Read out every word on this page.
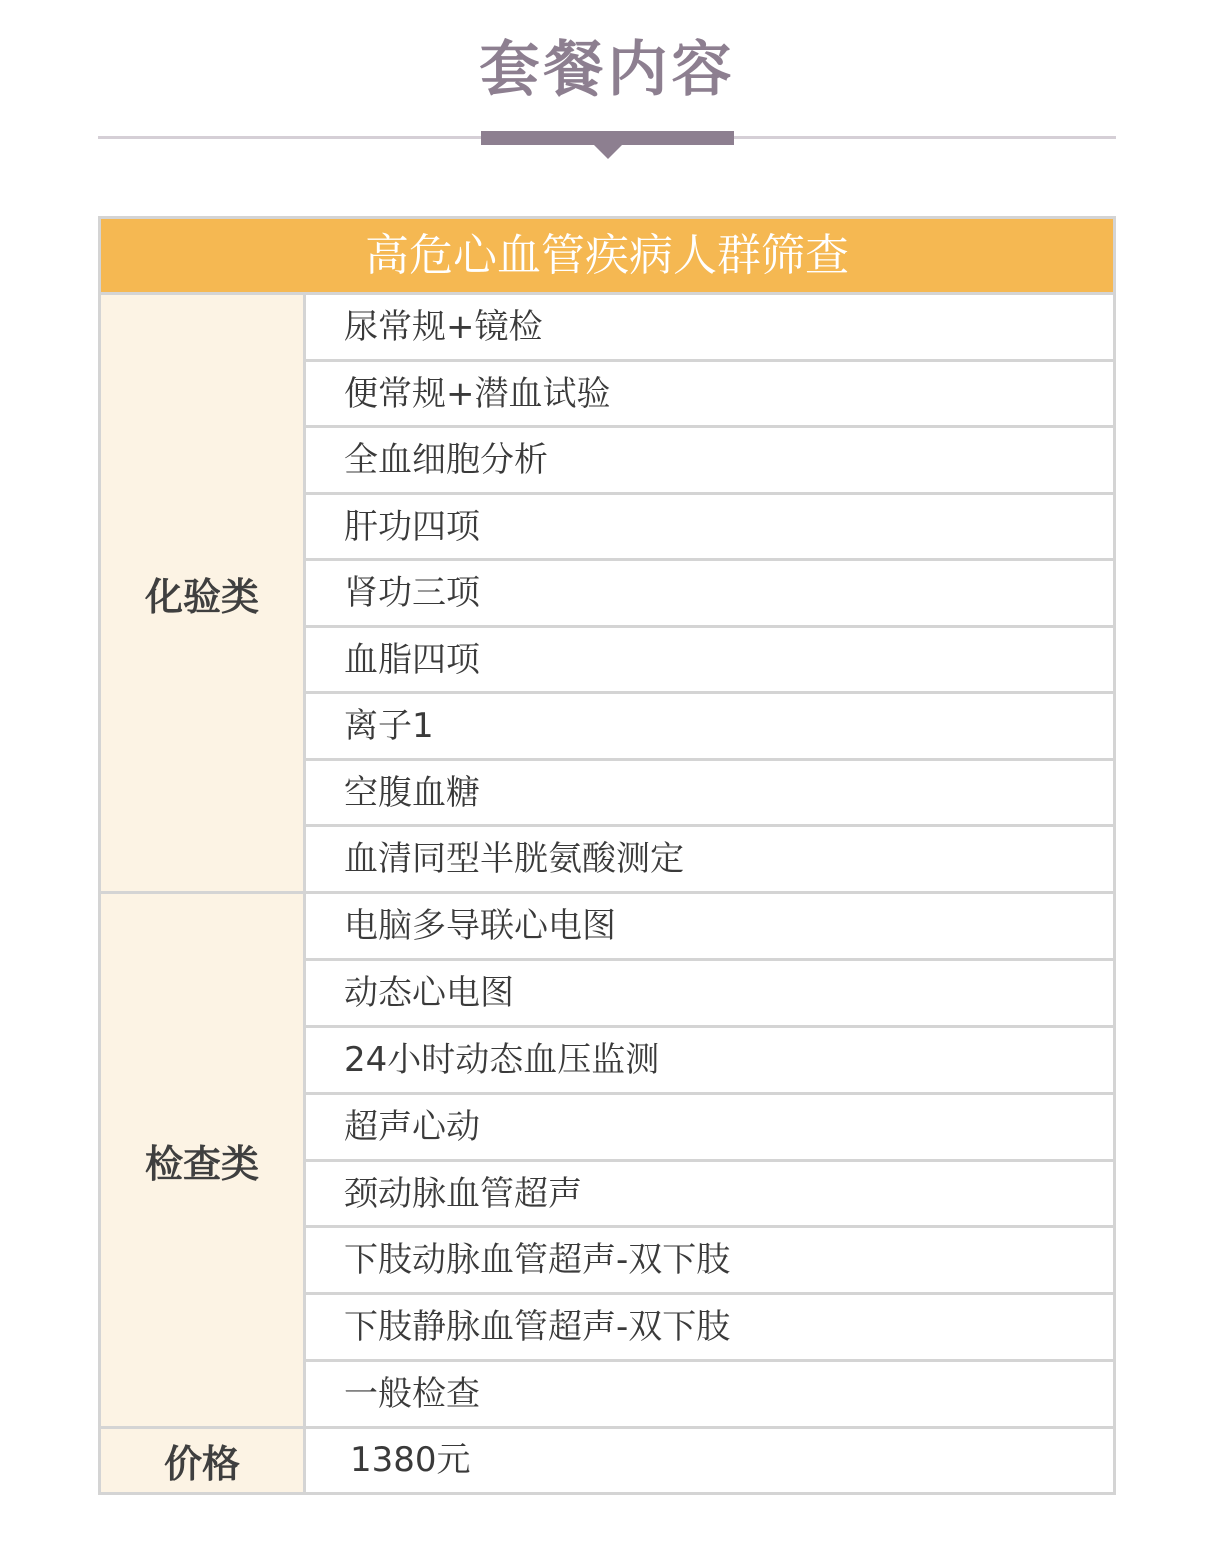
套餐内容
高危心血管疾病人群筛查
化验类
尿常规+镜检
便常规+潜血试验
全血细胞分析
肝功四项
肾功三项
血脂四项
离子1
空腹血糖
血清同型半胱氨酸测定
检查类
电脑多导联心电图
动态心电图
24小时动态血压监测
超声心动
颈动脉血管超声
下肢动脉血管超声-双下肢
下肢静脉血管超声-双下肢
一般检查
价格	1380元
